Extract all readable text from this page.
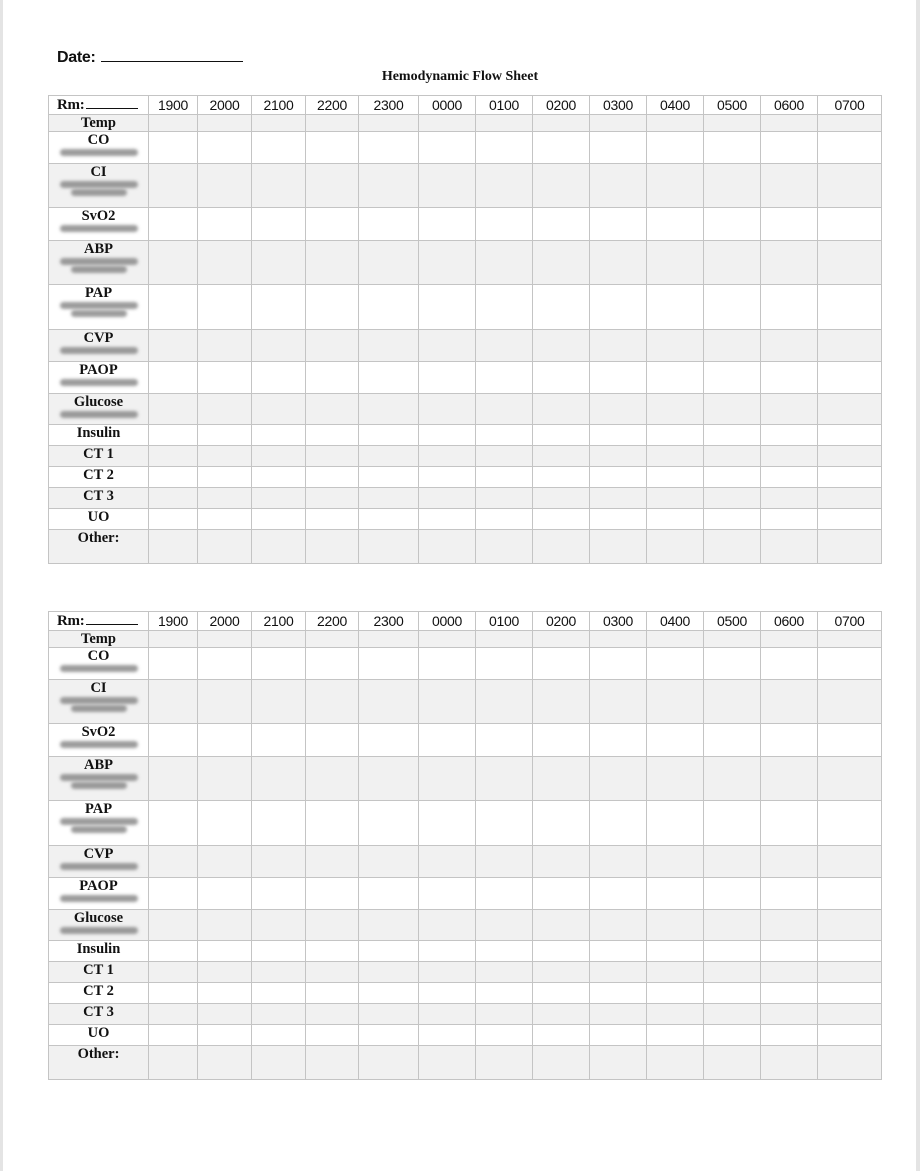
Date:
Hemodynamic Flow Sheet
Rm:	1900	2000	2100	2200	2300	0000	0100	0200	0300	0400	0500	0600	0700
Temp													
CO

CI

SvO2

ABP

PAP

CVP

PAOP

Glucose

Insulin													
CT 1													
CT 2													
CT 3													
UO													
Other:													
Rm:	1900	2000	2100	2200	2300	0000	0100	0200	0300	0400	0500	0600	0700
Temp													
CO

CI

SvO2

ABP

PAP

CVP

PAOP

Glucose

Insulin													
CT 1													
CT 2													
CT 3													
UO													
Other:													
